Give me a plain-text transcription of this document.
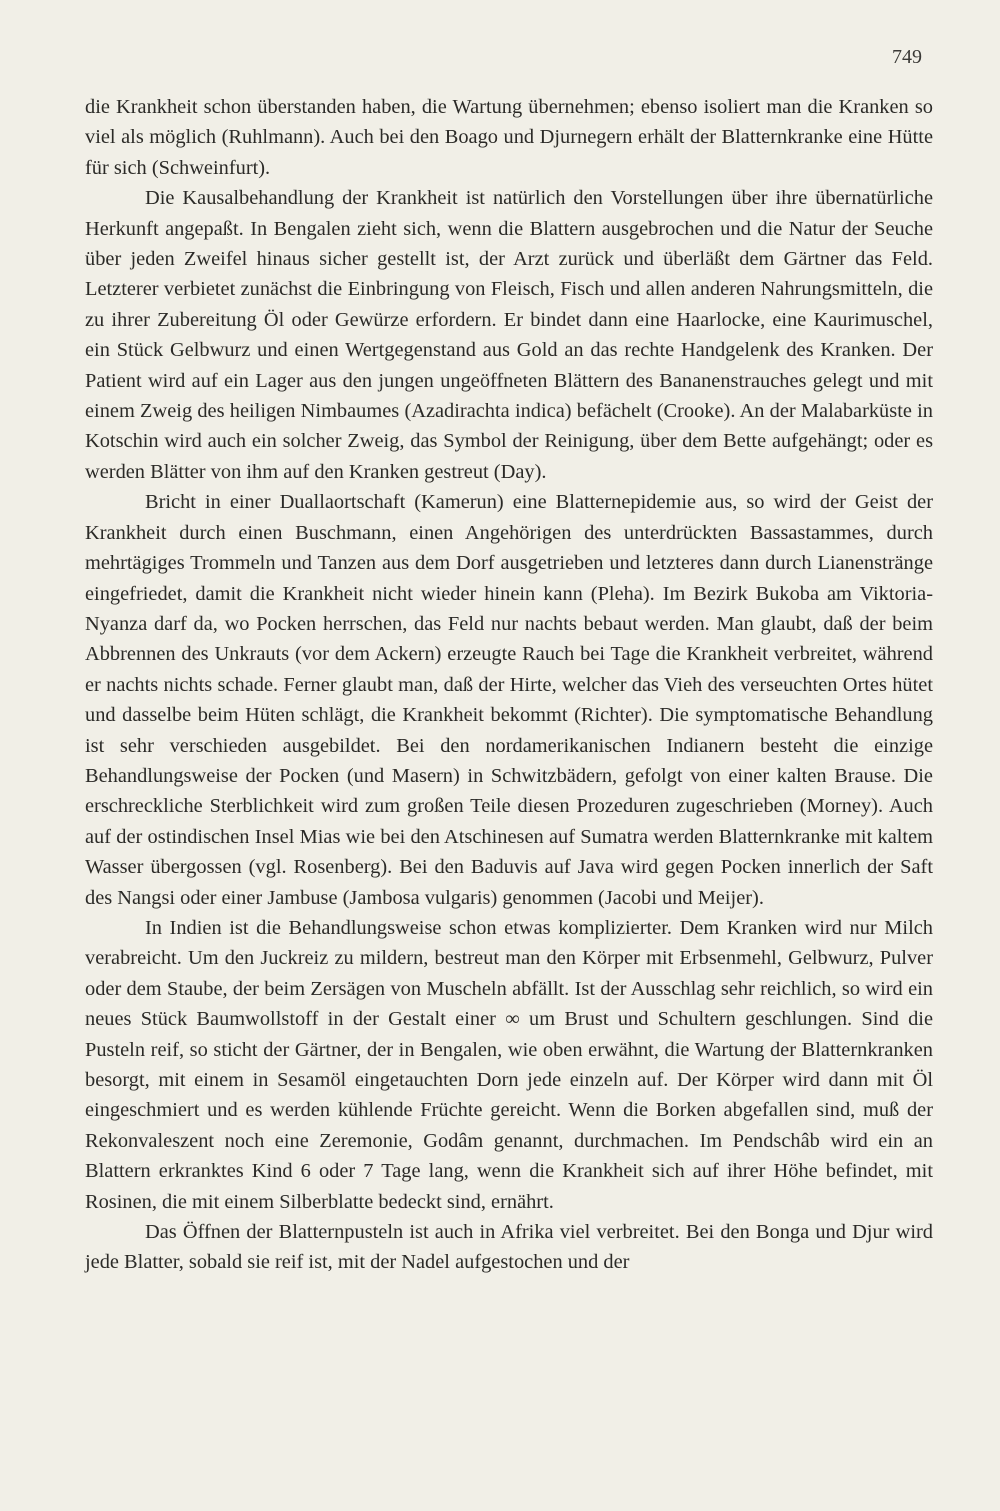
749

die Krankheit schon überstanden haben, die Wartung übernehmen; ebenso isoliert man die Kranken so viel als möglich (Ruhlmann). Auch bei den Boago und Djurnegern erhält der Blatternkranke eine Hütte für sich (Schweinfurt).

Die Kausalbehandlung der Krankheit ist natürlich den Vorstellungen über ihre übernatürliche Herkunft angepaßt. In Bengalen zieht sich, wenn die Blattern ausgebrochen und die Natur der Seuche über jeden Zweifel hinaus sicher gestellt ist, der Arzt zurück und überläßt dem Gärtner das Feld. Letzterer verbietet zunächst die Einbringung von Fleisch, Fisch und allen anderen Nahrungsmitteln, die zu ihrer Zubereitung Öl oder Gewürze erfordern. Er bindet dann eine Haarlocke, eine Kaurimuschel, ein Stück Gelbwurz und einen Wertgegenstand aus Gold an das rechte Handgelenk des Kranken. Der Patient wird auf ein Lager aus den jungen ungeöffneten Blättern des Bananenstrauches gelegt und mit einem Zweig des heiligen Nimbaumes (Azadirachta indica) befächelt (Crooke). An der Malabarküste in Kotschin wird auch ein solcher Zweig, das Symbol der Reinigung, über dem Bette aufgehängt; oder es werden Blätter von ihm auf den Kranken gestreut (Day).

Bricht in einer Duallaortschaft (Kamerun) eine Blatternepidemie aus, so wird der Geist der Krankheit durch einen Buschmann, einen Angehörigen des unterdrückten Bassastammes, durch mehrtägiges Trommeln und Tanzen aus dem Dorf ausgetrieben und letzteres dann durch Lianenstränge eingefriedet, damit die Krankheit nicht wieder hinein kann (Pleha). Im Bezirk Bukoba am Viktoria-Nyanza darf da, wo Pocken herrschen, das Feld nur nachts bebaut werden. Man glaubt, daß der beim Abbrennen des Unkrauts (vor dem Ackern) erzeugte Rauch bei Tage die Krankheit verbreitet, während er nachts nichts schade. Ferner glaubt man, daß der Hirte, welcher das Vieh des verseuchten Ortes hütet und dasselbe beim Hüten schlägt, die Krankheit bekommt (Richter). Die symptomatische Behandlung ist sehr verschieden ausgebildet. Bei den nordamerikanischen Indianern besteht die einzige Behandlungsweise der Pocken (und Masern) in Schwitzbädern, gefolgt von einer kalten Brause. Die erschreckliche Sterblichkeit wird zum großen Teile diesen Prozeduren zugeschrieben (Morney). Auch auf der ostindischen Insel Mias wie bei den Atschinesen auf Sumatra werden Blatternkranke mit kaltem Wasser übergossen (vgl. Rosenberg). Bei den Baduvis auf Java wird gegen Pocken innerlich der Saft des Nangsi oder einer Jambuse (Jambosa vulgaris) genommen (Jacobi und Meijer).

In Indien ist die Behandlungsweise schon etwas komplizierter. Dem Kranken wird nur Milch verabreicht. Um den Juckreiz zu mildern, bestreut man den Körper mit Erbsenmehl, Gelbwurz, Pulver oder dem Staube, der beim Zersägen von Muscheln abfällt. Ist der Ausschlag sehr reichlich, so wird ein neues Stück Baumwollstoff in der Gestalt einer ∞ um Brust und Schultern geschlungen. Sind die Pusteln reif, so sticht der Gärtner, der in Bengalen, wie oben erwähnt, die Wartung der Blatternkranken besorgt, mit einem in Sesamöl eingetauchten Dorn jede einzeln auf. Der Körper wird dann mit Öl eingeschmiert und es werden kühlende Früchte gereicht. Wenn die Borken abgefallen sind, muß der Rekonvaleszent noch eine Zeremonie, Godâm genannt, durchmachen. Im Pendschâb wird ein an Blattern erkranktes Kind 6 oder 7 Tage lang, wenn die Krankheit sich auf ihrer Höhe befindet, mit Rosinen, die mit einem Silberblatte bedeckt sind, ernährt.

Das Öffnen der Blatternpusteln ist auch in Afrika viel verbreitet. Bei den Bonga und Djur wird jede Blatter, sobald sie reif ist, mit der Nadel aufgestochen und der
